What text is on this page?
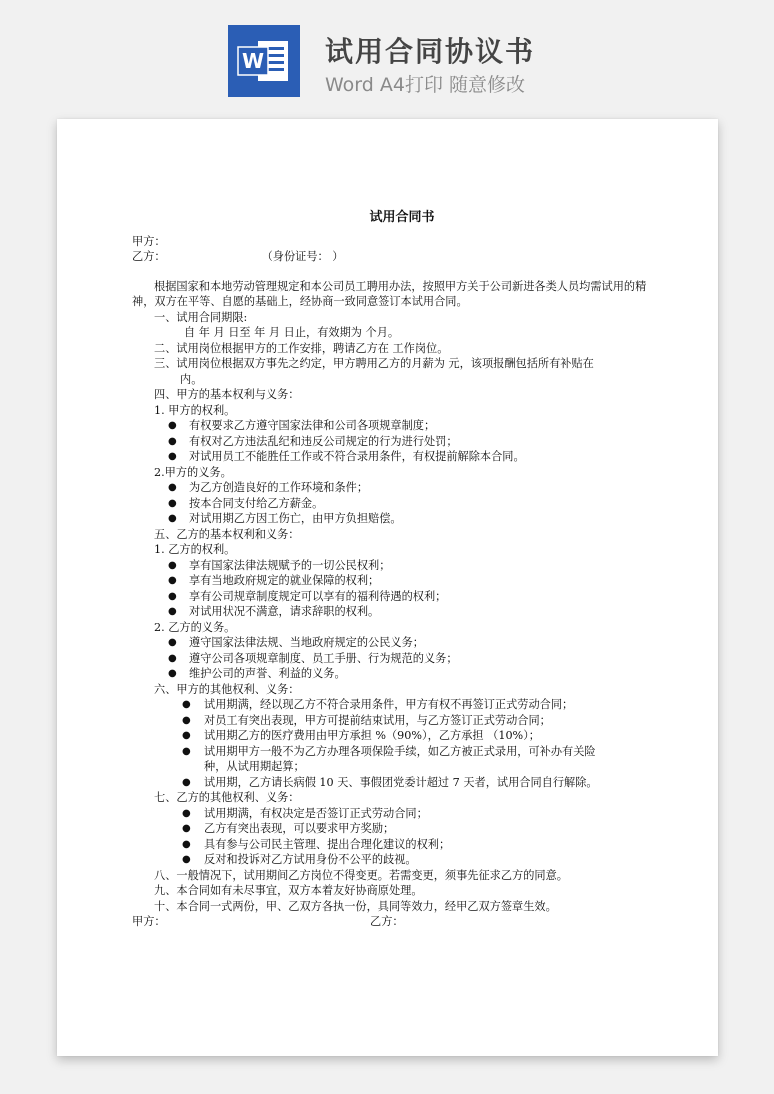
W 试用合同协议书
Word A4打印 随意修改
试用合同书
甲方：
乙方：	（身份证号： ）
根据国家和本地劳动管理规定和本公司员工聘用办法，按照甲方关于公司新进各类人员均需试用的精神，双方在平等、自愿的基础上，经协商一致同意签订本试用合同。
一、试用合同期限:
自 年 月 日至 年 月 日止，有效期为 个月。
二、试用岗位根据甲方的工作安排，聘请乙方在 工作岗位。
三、试用岗位根据双方事先之约定，甲方聘用乙方的月薪为 元，该项报酬包括所有补贴在
内。
四、甲方的基本权利与义务：
1. 甲方的权利。
● 有权要求乙方遵守国家法律和公司各项规章制度；
● 有权对乙方违法乱纪和违反公司规定的行为进行处罚；
● 对试用员工不能胜任工作或不符合录用条件，有权提前解除本合同。
2.甲方的义务。
● 为乙方创造良好的工作环境和条件；
● 按本合同支付给乙方薪金。
● 对试用期乙方因工伤亡，由甲方负担赔偿。
五、乙方的基本权利和义务：
1. 乙方的权利。
● 享有国家法律法规赋予的一切公民权利；
● 享有当地政府规定的就业保障的权利；
● 享有公司规章制度规定可以享有的福利待遇的权利；
● 对试用状况不满意，请求辞职的权利。
2. 乙方的义务。
● 遵守国家法律法规、当地政府规定的公民义务；
● 遵守公司各项规章制度、员工手册、行为规范的义务；
● 维护公司的声誉、利益的义务。
六、甲方的其他权利、义务：
● 试用期满，经以现乙方不符合录用条件，甲方有权不再签订正式劳动合同；
● 对员工有突出表现，甲方可提前结束试用，与乙方签订正式劳动合同；
● 试用期乙方的医疗费用由甲方承担 %（90%），乙方承担 （10%）；
● 试用期甲方一般不为乙方办理各项保险手续，如乙方被正式录用，可补办有关险
种，从试用期起算；
● 试用期，乙方请长病假 10 天、事假团党委计超过 7 天者，试用合同自行解除。
七、乙方的其他权利、义务：
● 试用期满，有权决定是否签订正式劳动合同；
● 乙方有突出表现，可以要求甲方奖励；
● 具有参与公司民主管理、提出合理化建议的权利；
● 反对和投诉对乙方试用身份不公平的歧视。
八、一般情况下，试用期间乙方岗位不得变更。若需变更，须事先征求乙方的同意。
九、本合同如有未尽事宜，双方本着友好协商原处理。
十、本合同一式两份，甲、乙双方各执一份，具同等效力，经甲乙双方签章生效。
甲方：	乙方：
